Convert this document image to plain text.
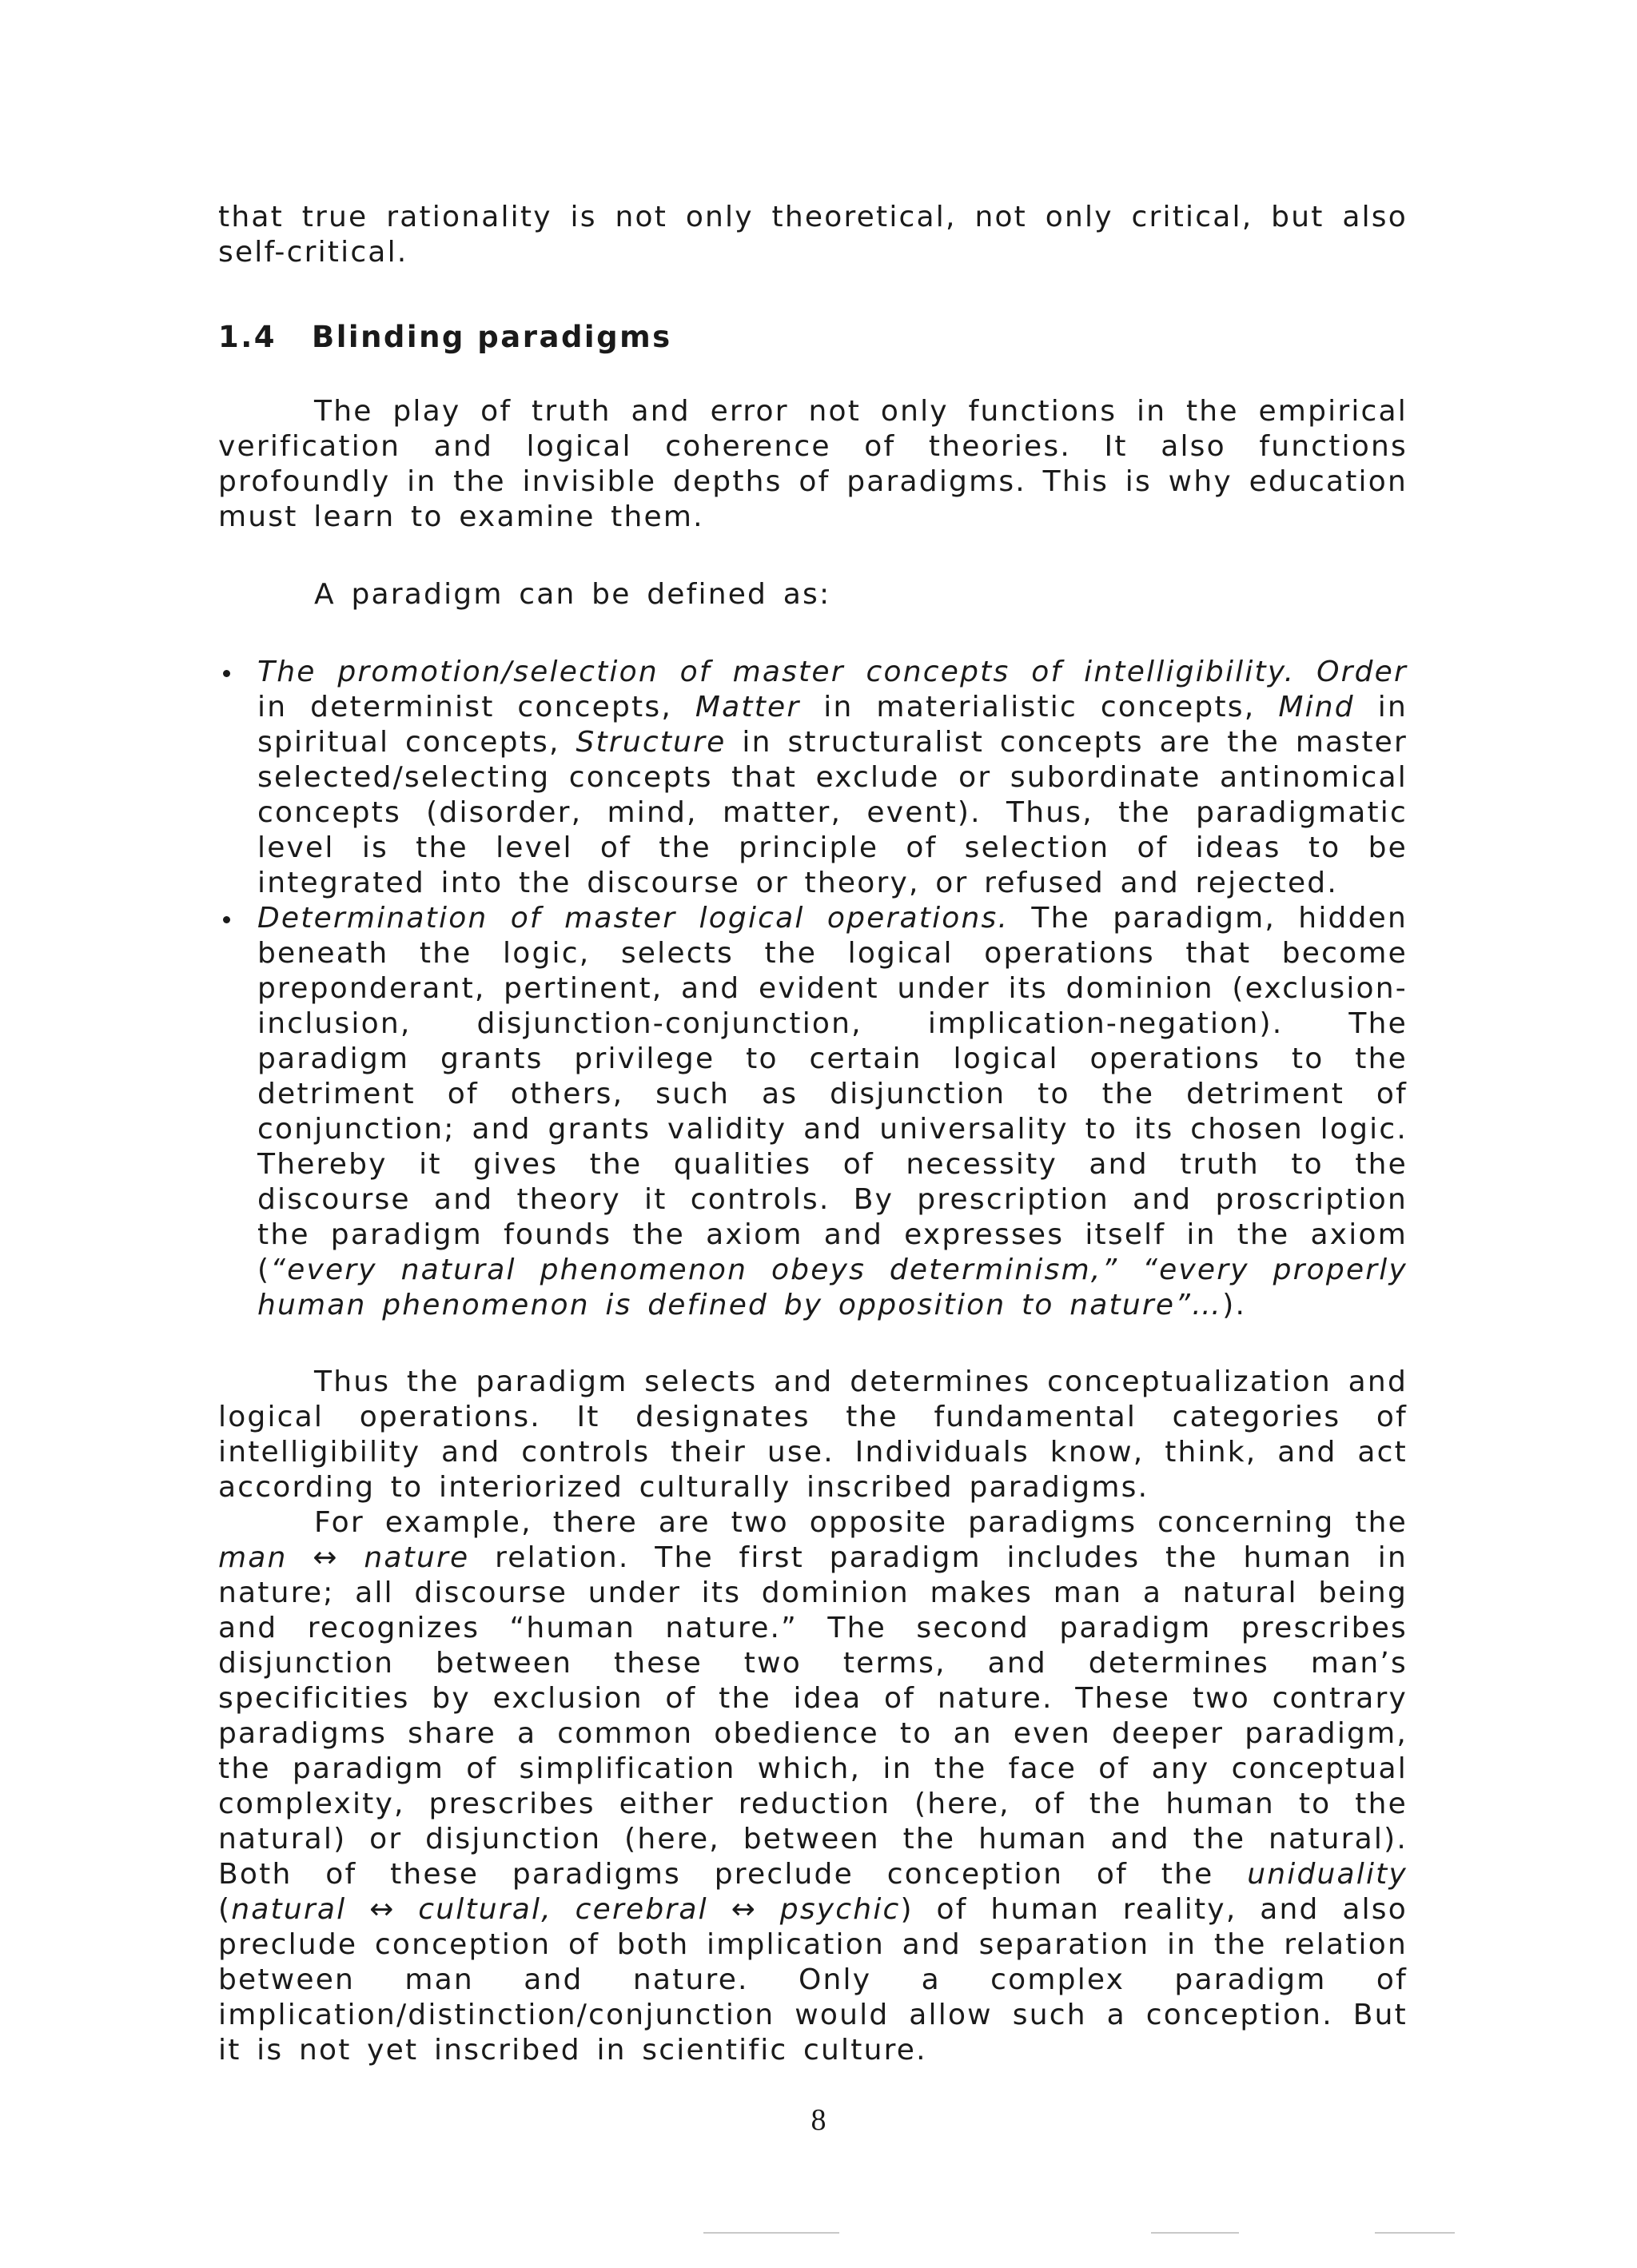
that true rationality is not only theoretical, not only critical, but also self-critical.

1.4 Blinding paradigms

The play of truth and error not only functions in the empirical verification and logical coherence of theories. It also functions profoundly in the invisible depths of paradigms. This is why education must learn to examine them.

A paradigm can be defined as:

The promotion/selection of master concepts of intelligibility. Order in determinist concepts, Matter in materialistic concepts, Mind in spiritual concepts, Structure in structuralist concepts are the master selected/selecting concepts that exclude or subordinate antinomical concepts (disorder, mind, matter, event). Thus, the paradigmatic level is the level of the principle of selection of ideas to be integrated into the discourse or theory, or refused and rejected.

Determination of master logical operations. The paradigm, hidden beneath the logic, selects the logical operations that become preponderant, pertinent, and evident under its dominion (exclusion-inclusion, disjunction-conjunction, implication-negation). The paradigm grants privilege to certain logical operations to the detriment of others, such as disjunction to the detriment of conjunction; and grants validity and universality to its chosen logic. Thereby it gives the qualities of necessity and truth to the discourse and theory it controls. By prescription and proscription the paradigm founds the axiom and expresses itself in the axiom (“every natural phenomenon obeys determinism,” “every properly human phenomenon is defined by opposition to nature”…).

Thus the paradigm selects and determines conceptualization and logical operations. It designates the fundamental categories of intelligibility and controls their use. Individuals know, think, and act according to interiorized culturally inscribed paradigms.

For example, there are two opposite paradigms concerning the man ↔ nature relation. The first paradigm includes the human in nature; all discourse under its dominion makes man a natural being and recognizes “human nature.” The second paradigm prescribes disjunction between these two terms, and determines man’s specificities by exclusion of the idea of nature. These two contrary paradigms share a common obedience to an even deeper paradigm, the paradigm of simplification which, in the face of any conceptual complexity, prescribes either reduction (here, of the human to the natural) or disjunction (here, between the human and the natural). Both of these paradigms preclude conception of the uniduality (natural ↔ cultural, cerebral ↔ psychic) of human reality, and also preclude conception of both implication and separation in the relation between man and nature. Only a complex paradigm of implication/distinction/conjunction would allow such a conception. But it is not yet inscribed in scientific culture.

8
